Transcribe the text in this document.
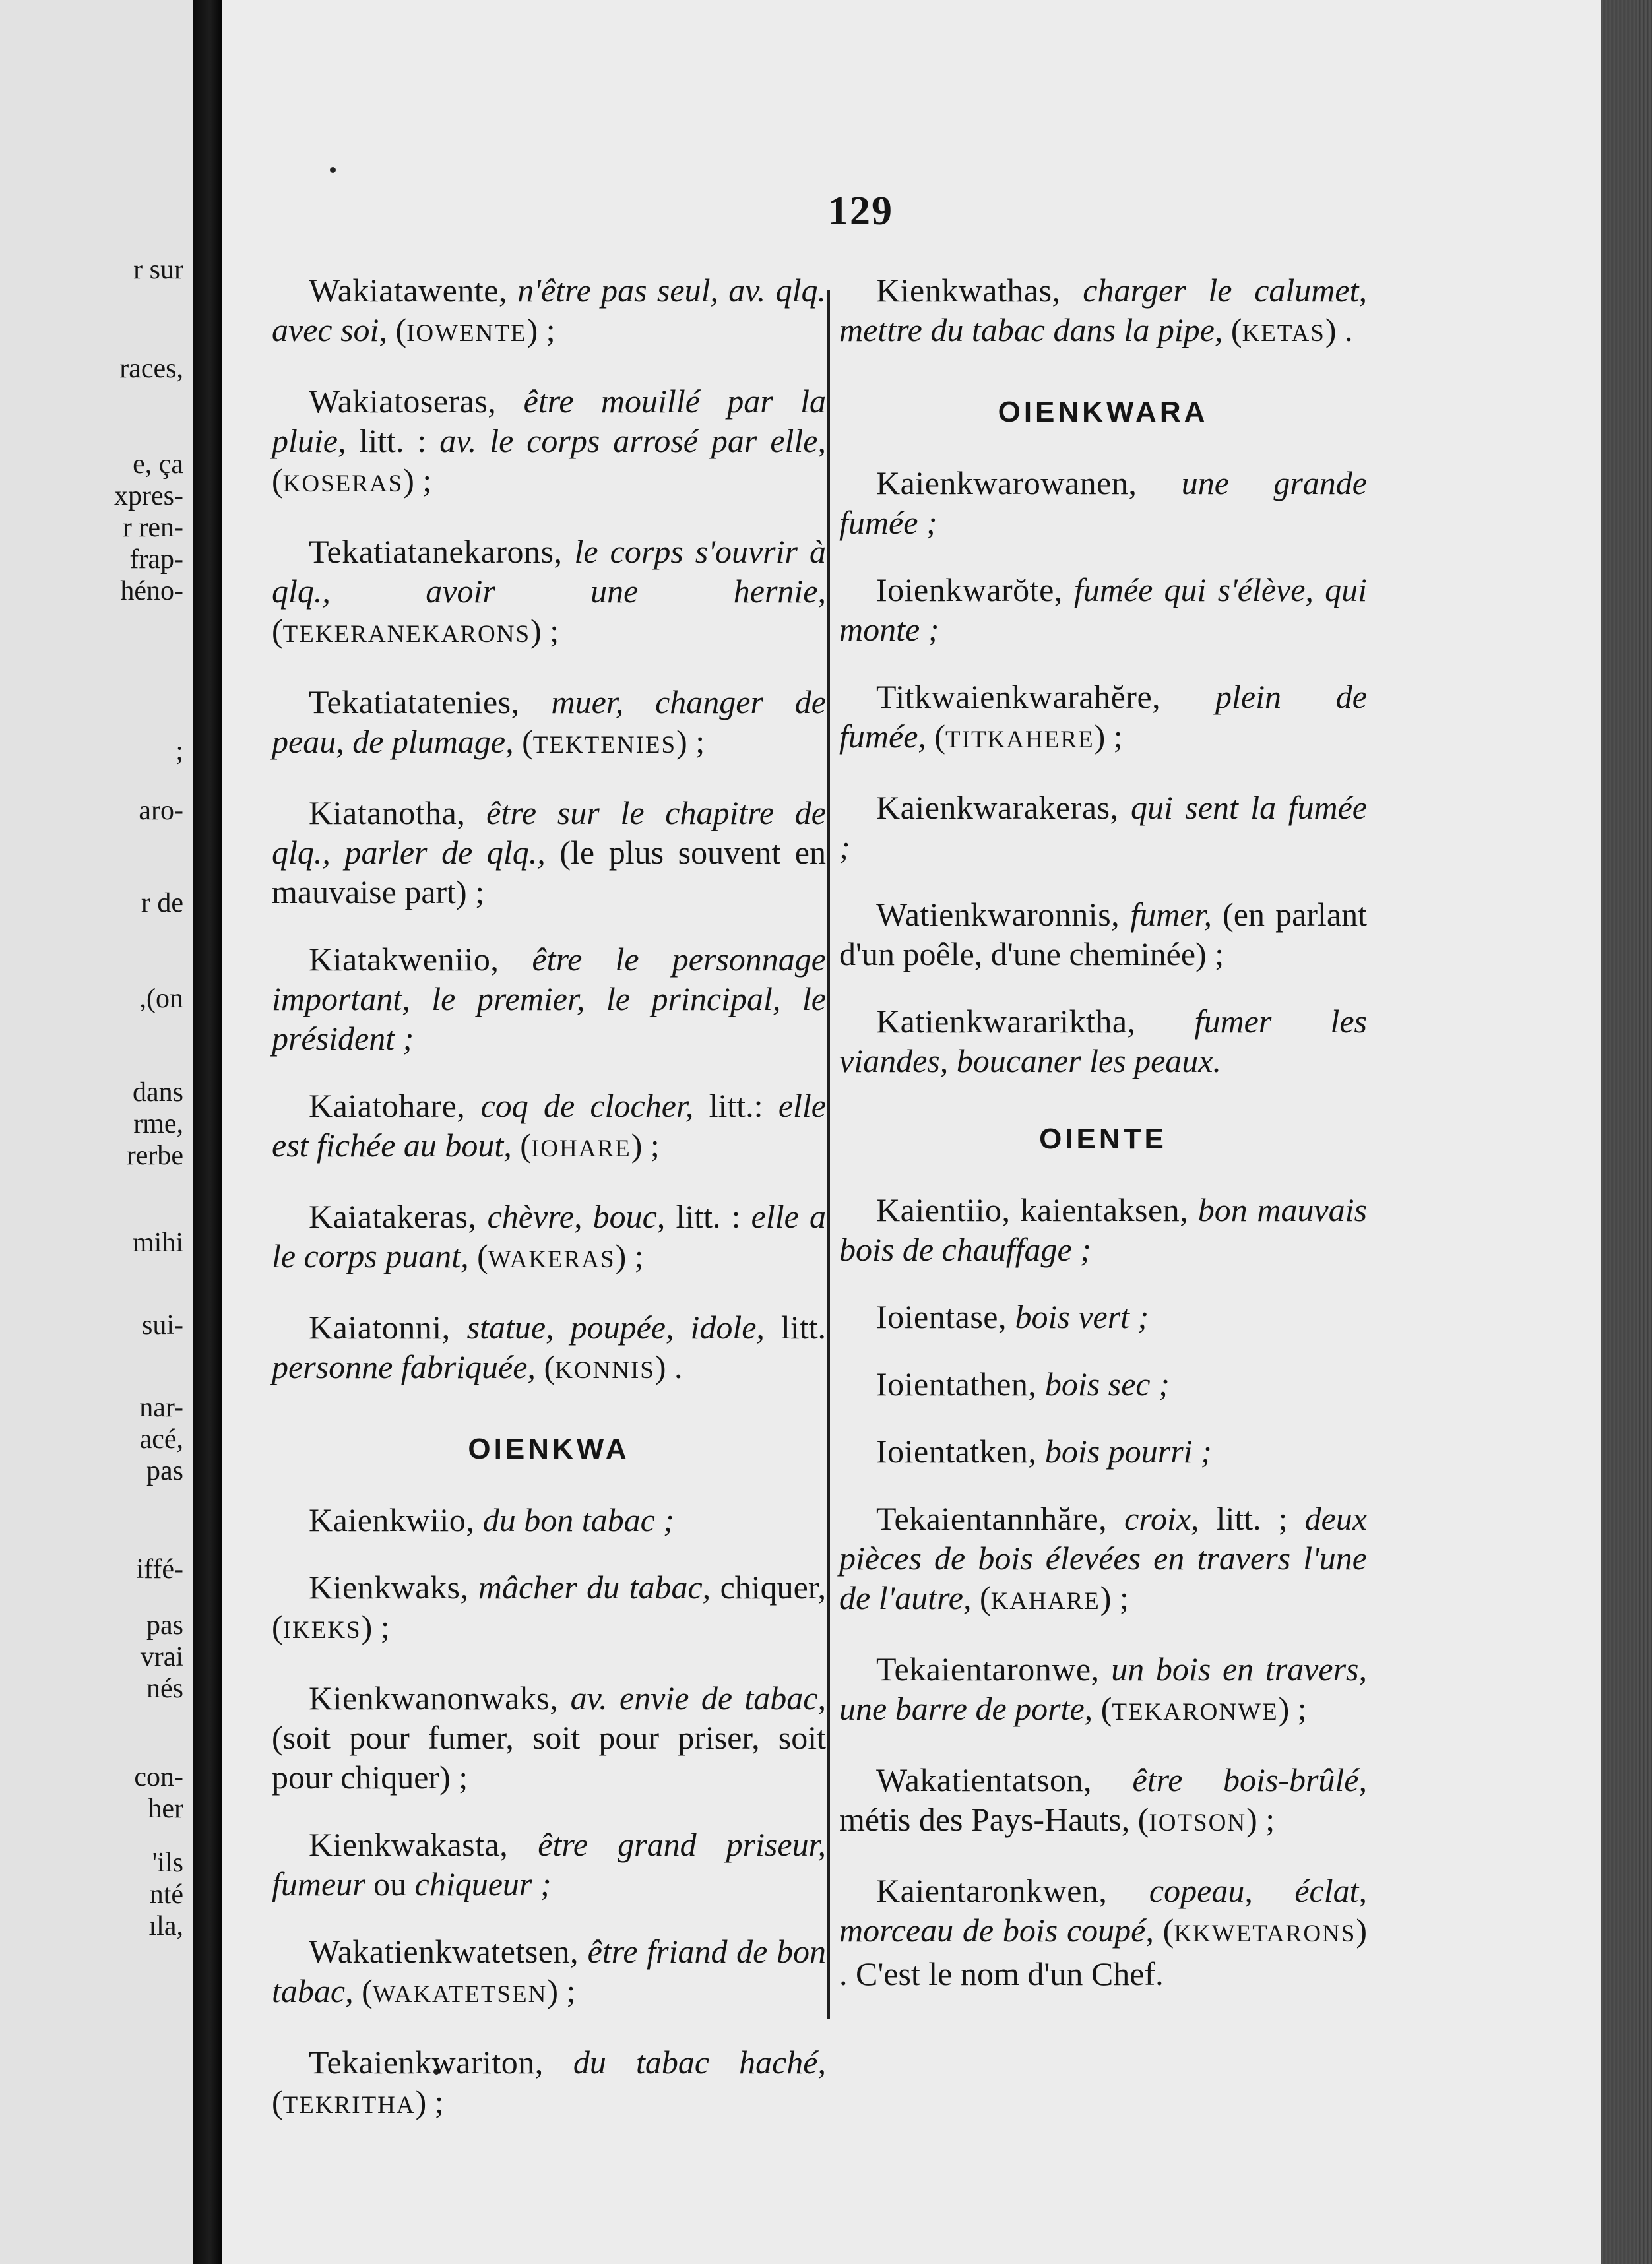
r sur
races,
e, ça
xpres-
r ren-
frap-
héno-
;
aro-
r de
,(on
dans
rme,
rerbe
mihi
sui-
nar-
acé,
pas
iffé-
pas
vrai
nés
con-
her
'ils
nté
ıla,
129

Wakiatawente, n'être pas seul, av. qlq. avec soi, (IOWENTE) ;

Wakiatoseras, être mouillé par la pluie, litt. : av. le corps arrosé par elle, (KOSERAS) ;

Tekatiatanekarons, le corps s'ouvrir à qlq., avoir une hernie, (TEKERANEKARONS) ;

Tekatiatatenies, muer, changer de peau, de plumage, (TEKTENIES) ;

Kiatanotha, être sur le chapitre de qlq., parler de qlq., (le plus souvent en mauvaise part) ;

Kiatakweniio, être le personnage important, le premier, le principal, le président ;

Kaiatohare, coq de clocher, litt.: elle est fichée au bout, (IOHARE) ;

Kaiatakeras, chèvre, bouc, litt. : elle a le corps puant, (WAKERAS) ;

Kaiatonni, statue, poupée, idole, litt. personne fabriquée, (KONNIS) .

OIENKWA

Kaienkwiio, du bon tabac ;

Kienkwaks, mâcher du tabac, chiquer, (IKEKS) ;

Kienkwanonwaks, av. envie de tabac, (soit pour fumer, soit pour priser, soit pour chiquer) ;

Kienkwakasta, être grand priseur, fumeur ou chiqueur ;

Wakatienkwatetsen, être friand de bon tabac, (WAKATETSEN) ;

Tekaienkwariton, du tabac haché, (TEKRITHA) ;

Kienkwathas, charger le calumet, mettre du tabac dans la pipe, (KETAS) .

OIENKWARA

Kaienkwarowanen, une grande fumée ;

Ioienkwarŏte, fumée qui s'élève, qui monte ;

Titkwaienkwarahĕre, plein de fumée, (TITKAHERE) ;

Kaienkwarakeras, qui sent la fumée ;

Watienkwaronnis, fumer, (en parlant d'un poêle, d'une cheminée) ;

Katienkwarariktha, fumer les viandes, boucaner les peaux.

OIENTE

Kaientiio, kaientaksen, bon mauvais bois de chauffage ;

Ioientase, bois vert ;

Ioientathen, bois sec ;

Ioientatken, bois pourri ;

Tekaientannhăre, croix, litt. ; deux pièces de bois élevées en travers l'une de l'autre, (KAHARE) ;

Tekaientaronwe, un bois en travers, une barre de porte, (TEKARONWE) ;

Wakatientatson, être bois-brûlé, métis des Pays-Hauts, (IOTSON) ;

Kaientaronkwen, copeau, éclat, morceau de bois coupé, (KKWETARONS) . C'est le nom d'un Chef.
